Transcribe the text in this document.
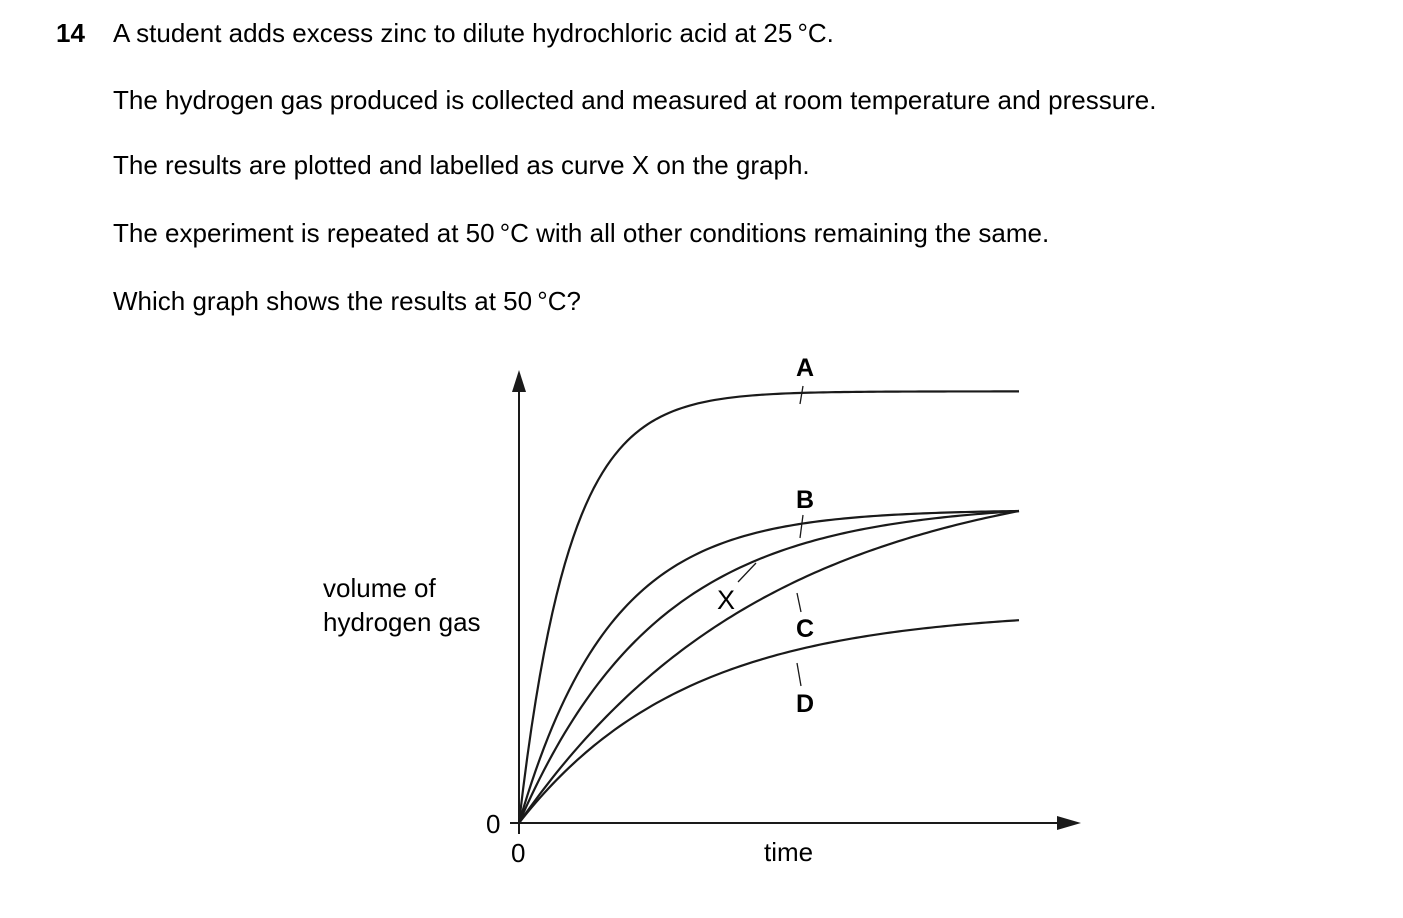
14 A student adds excess zinc to dilute hydrochloric acid at 25 °C.
The hydrogen gas produced is collected and measured at room temperature and pressure.
The results are plotted and labelled as curve X on the graph.
The experiment is repeated at 50 °C with all other conditions remaining the same.
Which graph shows the results at 50 °C?
0
0	time
volume of
hydrogen gas
A
B
X
C
D
